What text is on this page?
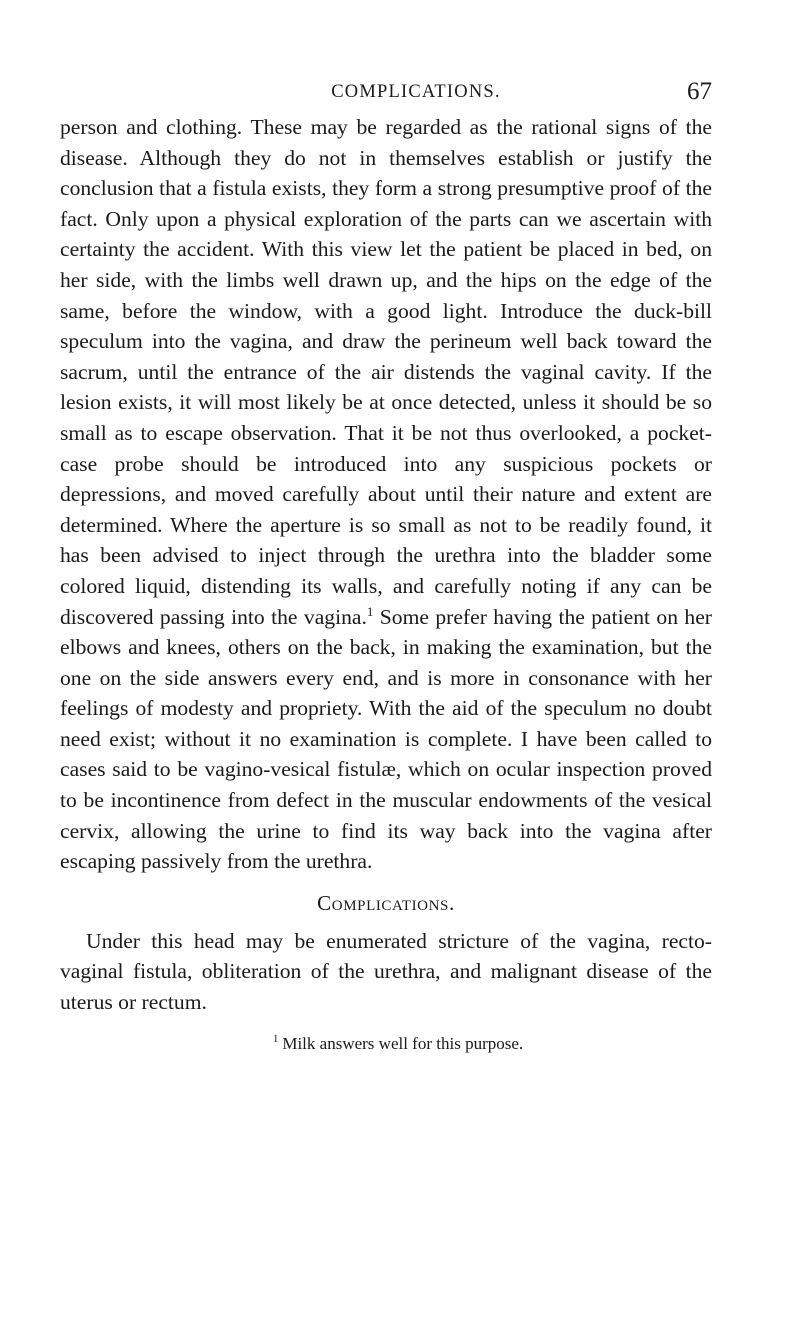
COMPLICATIONS.	67

person and clothing. These may be regarded as the rational signs of the disease. Although they do not in themselves establish or justify the conclusion that a fistula exists, they form a strong presumptive proof of the fact. Only upon a physical exploration of the parts can we ascertain with certainty the accident. With this view let the patient be placed in bed, on her side, with the limbs well drawn up, and the hips on the edge of the same, before the window, with a good light. Introduce the duck-bill speculum into the vagina, and draw the perineum well back toward the sacrum, until the entrance of the air distends the vaginal cavity. If the lesion exists, it will most likely be at once detected, unless it should be so small as to escape observation. That it be not thus overlooked, a pocket-case probe should be introduced into any suspicious pockets or depressions, and moved carefully about until their nature and extent are determined. Where the aperture is so small as not to be readily found, it has been advised to inject through the urethra into the bladder some colored liquid, distending its walls, and carefully noting if any can be discovered passing into the vagina.$^1$ Some prefer having the patient on her elbows and knees, others on the back, in making the examination, but the one on the side answers every end, and is more in consonance with her feelings of modesty and propriety. With the aid of the speculum no doubt need exist; without it no examination is complete. I have been called to cases said to be vagino-vesical fistulæ, which on ocular inspection proved to be incontinence from defect in the muscular endowments of the vesical cervix, allowing the urine to find its way back into the vagina after escaping passively from the urethra.

Complications.

Under this head may be enumerated stricture of the vagina, recto-vaginal fistula, obliteration of the urethra, and malignant disease of the uterus or rectum.

$^1$ Milk answers well for this purpose.
